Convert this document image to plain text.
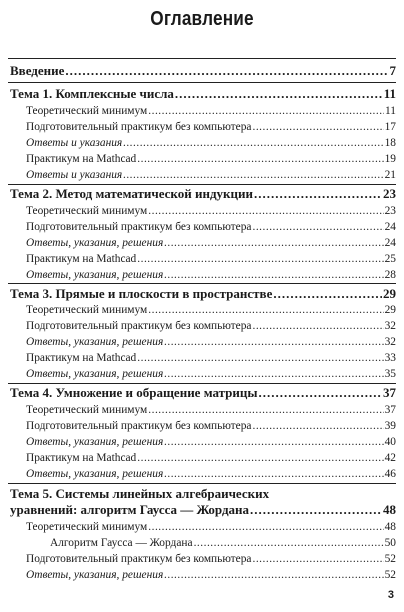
Оглавление
Введение .....	7
Тема 1. Комплексные числа .....	11
Теоретический минимум .....	11
Подготовительный практикум без компьютера .....	17
Ответы и указания .....	18
Практикум на Mathcad .....	19
Ответы и указания .....	21
Тема 2. Метод математической индукции .....	23
Теоретический минимум .....	23
Подготовительный практикум без компьютера .....	24
Ответы, указания, решения .....	24
Практикум на Mathcad .....	25
Ответы, указания, решения .....	28
Тема 3. Прямые и плоскости в пространстве .....	29
Теоретический минимум .....	29
Подготовительный практикум без компьютера .....	32
Ответы, указания, решения .....	32
Практикум на Mathcad .....	33
Ответы, указания, решения .....	35
Тема 4. Умножение и обращение матрицы .....	37
Теоретический минимум .....	37
Подготовительный практикум без компьютера .....	39
Ответы, указания, решения .....	40
Практикум на Mathcad .....	42
Ответы, указания, решения .....	46
Тема 5. Системы линейных алгебраических
уравнений: алгоритм Гаусса — Жордана .....	48
Теоретический минимум .....	48
Алгоритм Гаусса — Жордана .....	50
Подготовительный практикум без компьютера .....	52
Ответы, указания, решения .....	52
3
